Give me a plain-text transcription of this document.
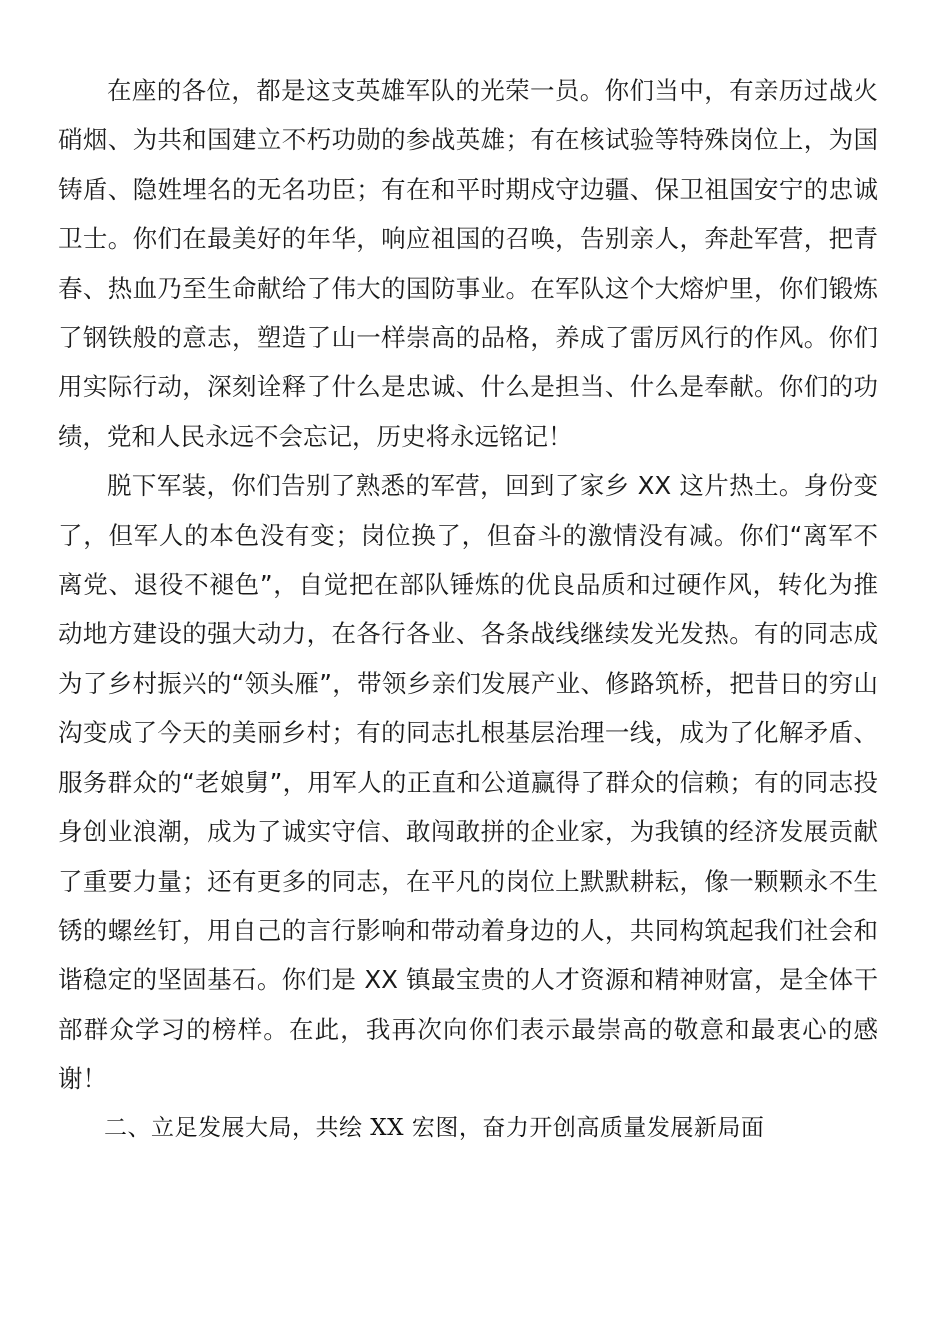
在座的各位，都是这支英雄军队的光荣一员。你们当中，有亲历过战火硝烟、为共和国建立不朽功勋的参战英雄；有在核试验等特殊岗位上，为国铸盾、隐姓埋名的无名功臣；有在和平时期戍守边疆、保卫祖国安宁的忠诚卫士。你们在最美好的年华，响应祖国的召唤，告别亲人，奔赴军营，把青春、热血乃至生命献给了伟大的国防事业。在军队这个大熔炉里，你们锻炼了钢铁般的意志，塑造了山一样崇高的品格，养成了雷厉风行的作风。你们用实际行动，深刻诠释了什么是忠诚、什么是担当、什么是奉献。你们的功绩，党和人民永远不会忘记，历史将永远铭记！

脱下军装，你们告别了熟悉的军营，回到了家乡 XX 这片热土。身份变了，但军人的本色没有变；岗位换了，但奋斗的激情没有减。你们“离军不离党、退役不褪色”，自觉把在部队锤炼的优良品质和过硬作风，转化为推动地方建设的强大动力，在各行各业、各条战线继续发光发热。有的同志成为了乡村振兴的“领头雁”，带领乡亲们发展产业、修路筑桥，把昔日的穷山沟变成了今天的美丽乡村；有的同志扎根基层治理一线，成为了化解矛盾、服务群众的“老娘舅”，用军人的正直和公道赢得了群众的信赖；有的同志投身创业浪潮，成为了诚实守信、敢闯敢拼的企业家，为我镇的经济发展贡献了重要力量；还有更多的同志，在平凡的岗位上默默耕耘，像一颗颗永不生锈的螺丝钉，用自己的言行影响和带动着身边的人，共同构筑起我们社会和谐稳定的坚固基石。你们是 XX 镇最宝贵的人才资源和精神财富，是全体干部群众学习的榜样。在此，我再次向你们表示最崇高的敬意和最衷心的感谢！

二、立足发展大局，共绘 XX 宏图，奋力开创高质量发展新局面
